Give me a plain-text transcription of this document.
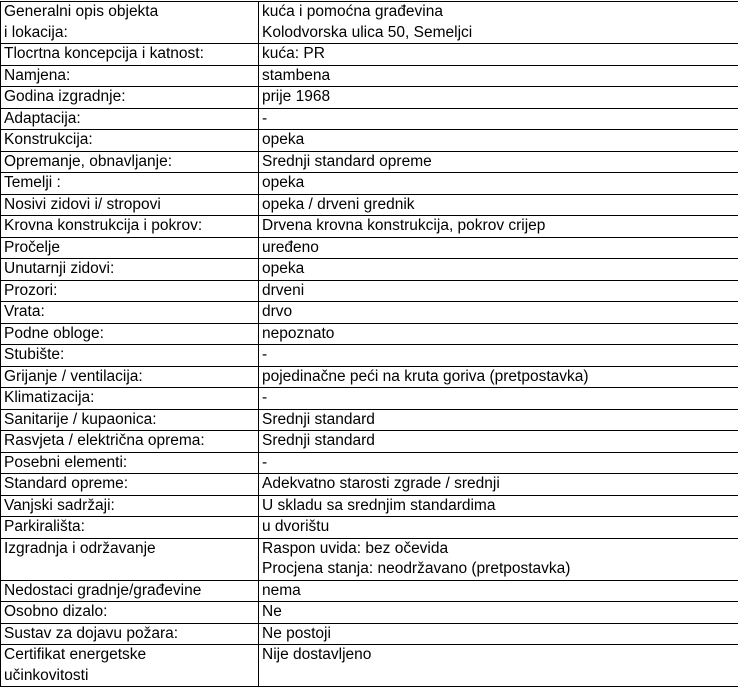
Generalni opis objekta
i lokacija:	kuća i pomoćna građevina
Kolodvorska ulica 50, Semeljci

Tlocrtna koncepcija i katnost:	kuća: PR
Namjena:	stambena
Godina izgradnje:	prije 1968
Adaptacija:	-
Konstrukcija:	opeka
Opremanje, obnavljanje:	Srednji standard opreme
Temelji :	opeka
Nosivi zidovi i/ stropovi	opeka / drveni grednik
Krovna konstrukcija i pokrov:	Drvena krovna konstrukcija, pokrov crijep
Pročelje	uređeno
Unutarnji zidovi:	opeka
Prozori:	drveni
Vrata:	drvo
Podne obloge:	nepoznato
Stubište:	-
Grijanje / ventilacija:	pojedinačne peći na kruta goriva (pretpostavka)
Klimatizacija:	-
Sanitarije / kupaonica:	Srednji standard
Rasvjeta / električna oprema:	Srednji standard
Posebni elementi:	-
Standard opreme:	Adekvatno starosti zgrade / srednji
Vanjski sadržaji:	U skladu sa srednjim standardima
Parkirališta:	u dvorištu
Izgradnja i održavanje	Raspon uvida: bez očevida
Procjena stanja: neodržavano (pretpostavka)

Nedostaci gradnje/građevine	nema
Osobno dizalo:	Ne
Sustav za dojavu požara:	Ne postoji

Certifikat energetske
učinkovitosti	Nije dostavljeno
